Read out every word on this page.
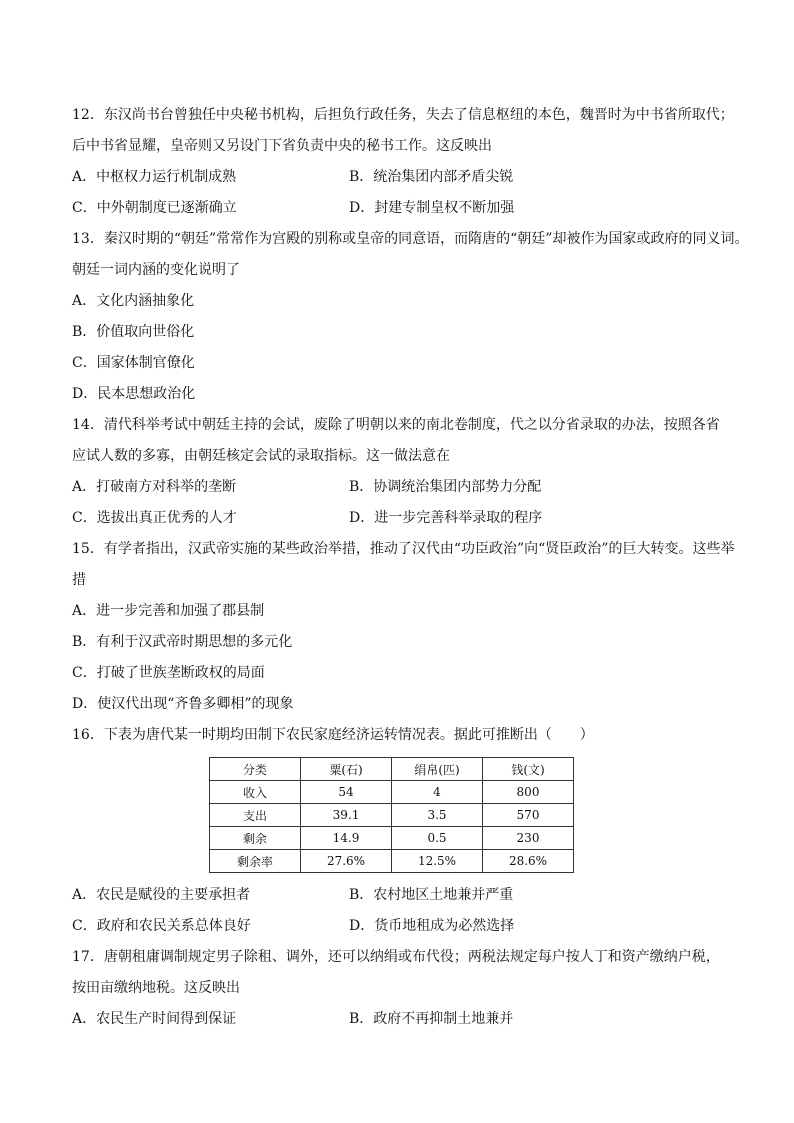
12．东汉尚书台曾独任中央秘书机构，后担负行政任务，失去了信息枢纽的本色，魏晋时为中书省所取代；
后中书省显耀，皇帝则又另设门下省负责中央的秘书工作。这反映出
A．中枢权力运行机制成熟	B．统治集团内部矛盾尖锐
C．中外朝制度已逐渐确立	D．封建专制皇权不断加强
13．秦汉时期的“朝廷”常常作为宫殿的别称或皇帝的同意语，而隋唐的“朝廷”却被作为国家或政府的同义词。
朝廷一词内涵的变化说明了
A．文化内涵抽象化
B．价值取向世俗化
C．国家体制官僚化
D．民本思想政治化
14．清代科举考试中朝廷主持的会试，废除了明朝以来的南北卷制度，代之以分省录取的办法，按照各省
应试人数的多寡，由朝廷核定会试的录取指标。这一做法意在
A．打破南方对科举的垄断	B．协调统治集团内部势力分配
C．选拔出真正优秀的人才	D．进一步完善科举录取的程序
15．有学者指出，汉武帝实施的某些政治举措，推动了汉代由“功臣政治”向“贤臣政治”的巨大转变。这些举
措
A．进一步完善和加强了郡县制
B．有利于汉武帝时期思想的多元化
C．打破了世族垄断政权的局面
D．使汉代出现“齐鲁多卿相”的现象
16．下表为唐代某一时期均田制下农民家庭经济运转情况表。据此可推断出（　　）
分类	粟(石)	绢帛(匹)	钱(文)
收入	54	4	800
支出	39.1	3.5	570
剩余	14.9	0.5	230
剩余率	27.6%	12.5%	28.6%
A．农民是赋役的主要承担者	B．农村地区土地兼并严重
C．政府和农民关系总体良好	D．货币地租成为必然选择
17．唐朝租庸调制规定男子除租、调外，还可以纳绢或布代役；两税法规定每户按人丁和资产缴纳户税，
按田亩缴纳地税。这反映出
A．农民生产时间得到保证	B．政府不再抑制土地兼并
